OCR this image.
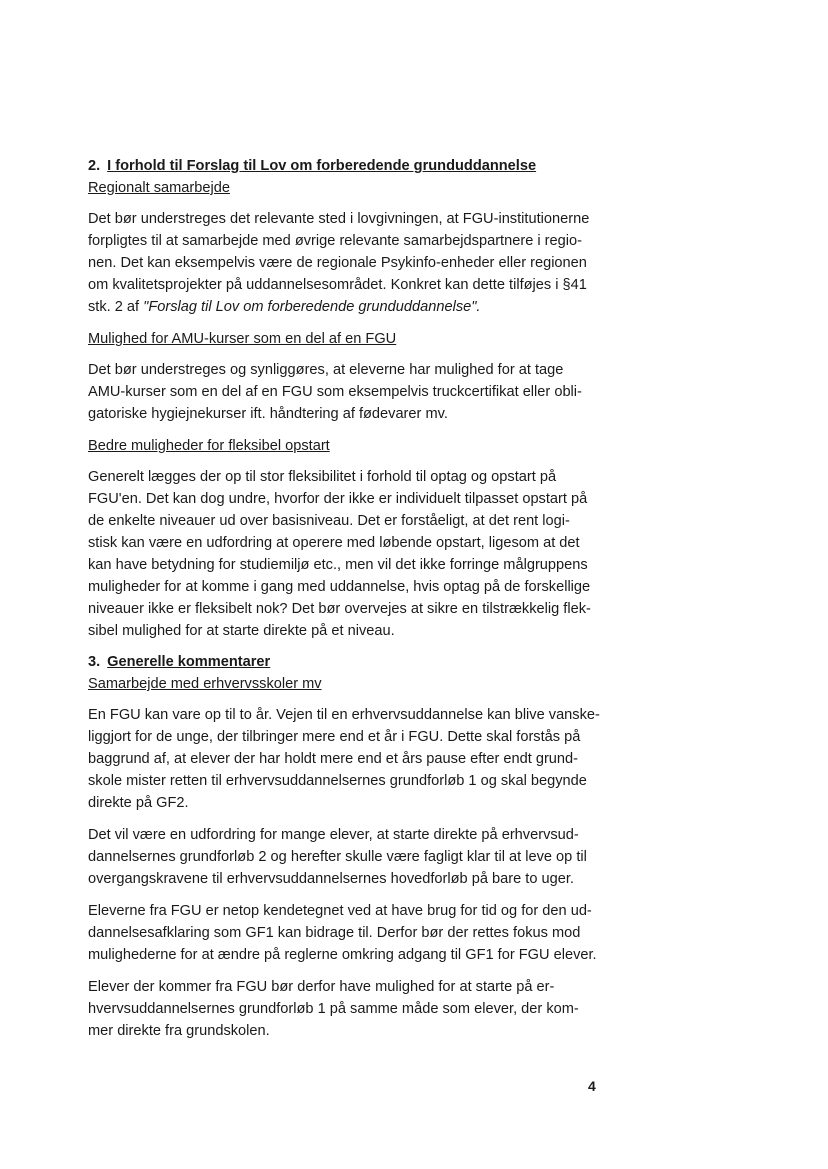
2. I forhold til Forslag til Lov om forberedende grunduddannelse
Regionalt samarbejde

Det bør understreges det relevante sted i lovgivningen, at FGU-institutionerne
forpligtes til at samarbejde med øvrige relevante samarbejdspartnere i regio-
nen. Det kan eksempelvis være de regionale Psykinfo-enheder eller regionen
om kvalitetsprojekter på uddannelsesområdet. Konkret kan dette tilføjes i §41
stk. 2 af "Forslag til Lov om forberedende grunduddannelse".

Mulighed for AMU-kurser som en del af en FGU

Det bør understreges og synliggøres, at eleverne har mulighed for at tage
AMU-kurser som en del af en FGU som eksempelvis truckcertifikat eller obli-
gatoriske hygiejnekurser ift. håndtering af fødevarer mv.

Bedre muligheder for fleksibel opstart

Generelt lægges der op til stor fleksibilitet i forhold til optag og opstart på
FGU'en. Det kan dog undre, hvorfor der ikke er individuelt tilpasset opstart på
de enkelte niveauer ud over basisniveau. Det er forståeligt, at det rent logi-
stisk kan være en udfordring at operere med løbende opstart, ligesom at det
kan have betydning for studiemiljø etc., men vil det ikke forringe målgruppens
muligheder for at komme i gang med uddannelse, hvis optag på de forskellige
niveauer ikke er fleksibelt nok? Det bør overvejes at sikre en tilstrækkelig flek-
sibel mulighed for at starte direkte på et niveau.

3. Generelle kommentarer
Samarbejde med erhvervsskoler mv

En FGU kan vare op til to år. Vejen til en erhvervsuddannelse kan blive vanske-
liggjort for de unge, der tilbringer mere end et år i FGU. Dette skal forstås på
baggrund af, at elever der har holdt mere end et års pause efter endt grund-
skole mister retten til erhvervsuddannelsernes grundforløb 1 og skal begynde
direkte på GF2.

Det vil være en udfordring for mange elever, at starte direkte på erhvervsud-
dannelsernes grundforløb 2 og herefter skulle være fagligt klar til at leve op til
overgangskravene til erhvervsuddannelsernes hovedforløb på bare to uger.

Eleverne fra FGU er netop kendetegnet ved at have brug for tid og for den ud-
dannelsesafklaring som GF1 kan bidrage til. Derfor bør der rettes fokus mod
mulighederne for at ændre på reglerne omkring adgang til GF1 for FGU elever.

Elever der kommer fra FGU bør derfor have mulighed for at starte på er-
hvervsuddannelsernes grundforløb 1 på samme måde som elever, der kom-
mer direkte fra grundskolen.

4
